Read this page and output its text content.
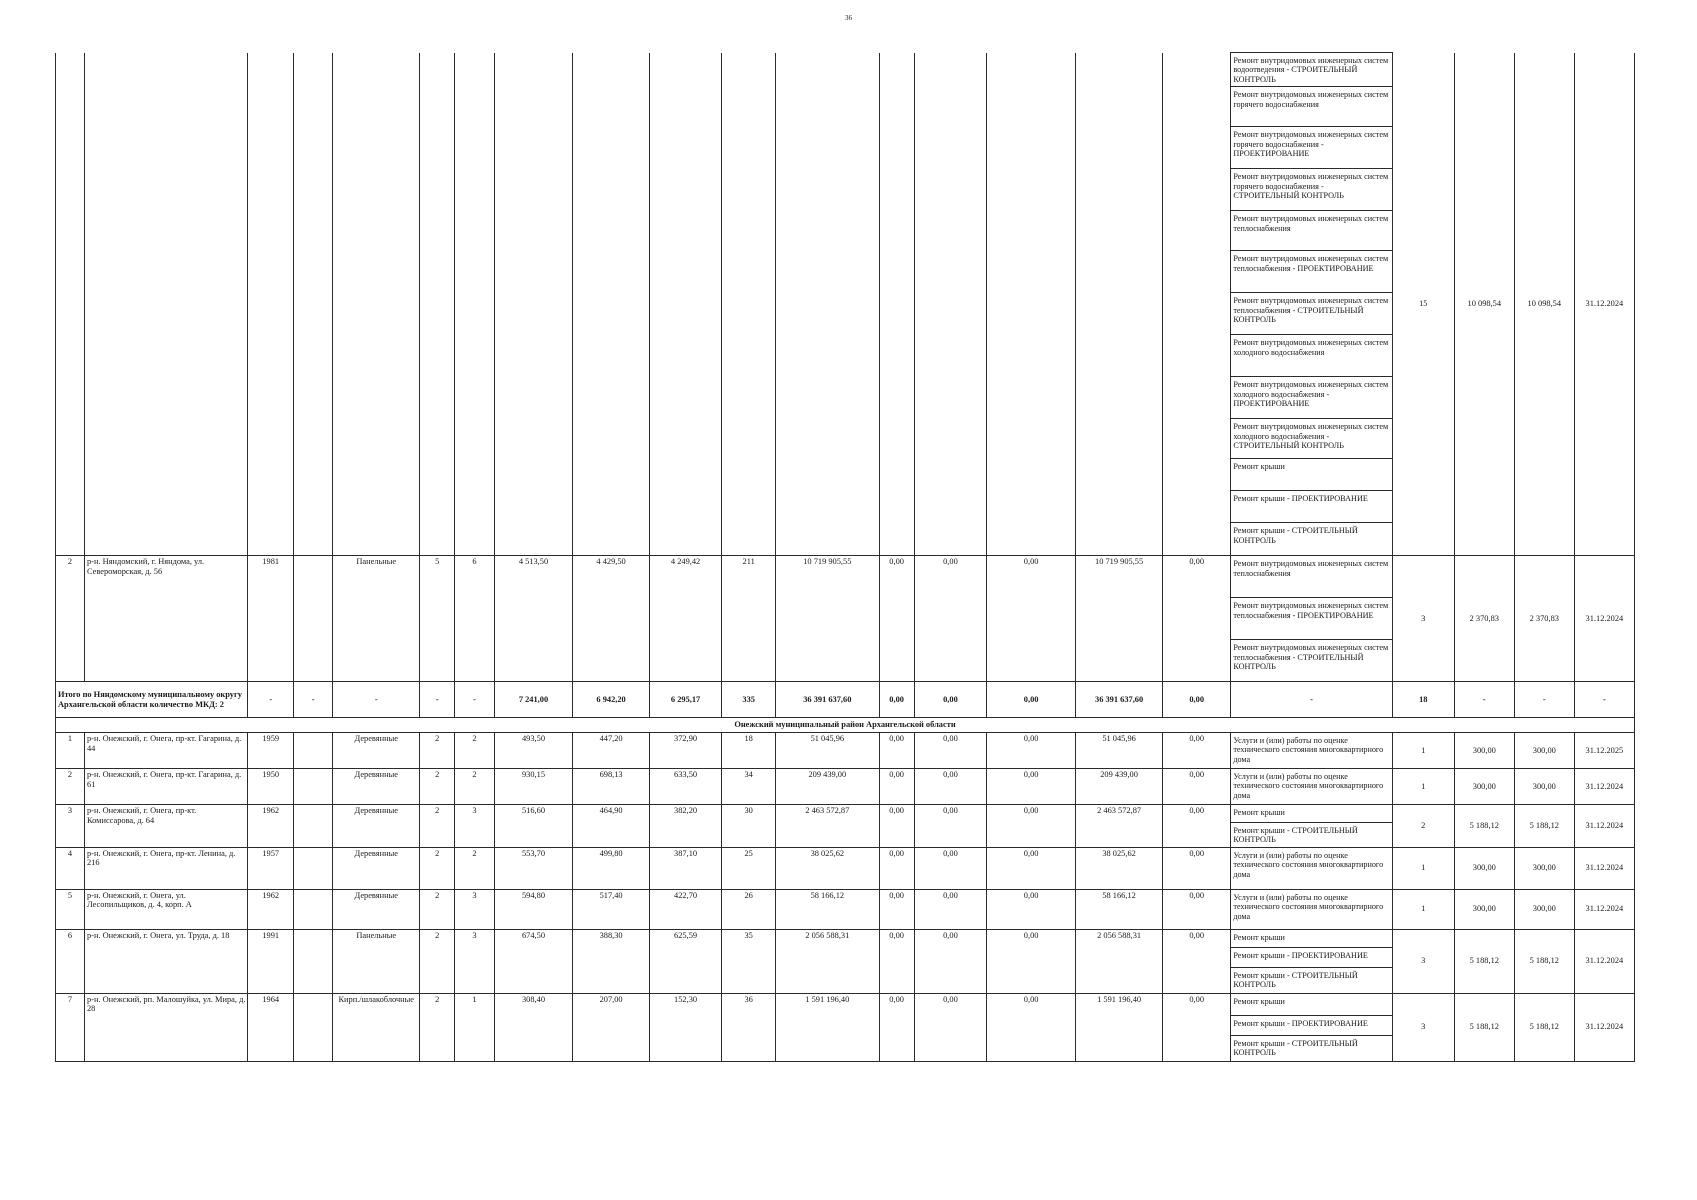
36
																	Ремонт внутридомовых инженерных систем водоотведения - СТРОИТЕЛЬНЫЙ КОНТРОЛЬ	15	10 098,54	10 098,54	31.12.2024
																	Ремонт внутридомовых инженерных систем горячего водоснабжения				
																	Ремонт внутридомовых инженерных систем горячего водоснабжения - ПРОЕКТИРОВАНИЕ				
																	Ремонт внутридомовых инженерных систем горячего водоснабжения - СТРОИТЕЛЬНЫЙ КОНТРОЛЬ				
																	Ремонт внутридомовых инженерных систем теплоснабжения				
																	Ремонт внутридомовых инженерных систем теплоснабжения - ПРОЕКТИРОВАНИЕ				
																	Ремонт внутридомовых инженерных систем теплоснабжения - СТРОИТЕЛЬНЫЙ КОНТРОЛЬ				
																	Ремонт внутридомовых инженерных систем холодного водоснабжения				
																	Ремонт внутридомовых инженерных систем холодного водоснабжения - ПРОЕКТИРОВАНИЕ				
																	Ремонт внутридомовых инженерных систем холодного водоснабжения - СТРОИТЕЛЬНЫЙ КОНТРОЛЬ				
																	Ремонт крыши				
																	Ремонт крыши - ПРОЕКТИРОВАНИЕ				
																	Ремонт крыши - СТРОИТЕЛЬНЫЙ КОНТРОЛЬ				
2	р-н. Няндомский, г. Няндома, ул. Североморская, д. 56	1981		Панельные	5	6	4 513,50	4 429,50	4 249,42	211	10 719 905,55	0,00	0,00	0,00	10 719 905,55	0,00	Ремонт внутридомовых инженерных систем теплоснабжения	3	2 370,83	2 370,83	31.12.2024
																	Ремонт внутридомовых инженерных систем теплоснабжения - ПРОЕКТИРОВАНИЕ				
																	Ремонт внутридомовых инженерных систем теплоснабжения - СТРОИТЕЛЬНЫЙ КОНТРОЛЬ				
Итого по Няндомскому муниципальному округу Архангельской области количество МКД: 2		-	-	-	-	-	7 241,00	6 942,20	6 295,17	335	36 391 637,60	0,00	0,00	0,00	36 391 637,60	0,00	-	18	-	-	-
Онежский муниципальный район Архангельской области																					
1	р-н. Онежский, г. Онега, пр-кт. Гагарина, д. 44	1959		Деревянные	2	2	493,50	447,20	372,90	18	51 045,96	0,00	0,00	0,00	51 045,96	0,00	Услуги и (или) работы по оценке технического состояния многоквартирного дома	1	300,00	300,00	31.12.2025
2	р-н. Онежский, г. Онега, пр-кт. Гагарина, д. 61	1950		Деревянные	2	2	930,15	698,13	633,50	34	209 439,00	0,00	0,00	0,00	209 439,00	0,00	Услуги и (или) работы по оценке технического состояния многоквартирного дома	1	300,00	300,00	31.12.2024
3	р-н. Онежский, г. Онега, пр-кт. Комиссарова, д. 64	1962		Деревянные	2	3	516,60	464,90	382,20	30	2 463 572,87	0,00	0,00	0,00	2 463 572,87	0,00	Ремонт крыши	2	5 188,12	5 188,12	31.12.2024
																	Ремонт крыши - СТРОИТЕЛЬНЫЙ КОНТРОЛЬ				
4	р-н. Онежский, г. Онега, пр-кт. Ленина, д. 216	1957		Деревянные	2	2	553,70	499,80	387,10	25	38 025,62	0,00	0,00	0,00	38 025,62	0,00	Услуги и (или) работы по оценке технического состояния многоквартирного дома	1	300,00	300,00	31.12.2024
5	р-н. Онежский, г. Онега, ул. Лесопильщиков, д. 4, корп. А	1962		Деревянные	2	3	594,80	517,40	422,70	26	58 166,12	0,00	0,00	0,00	58 166,12	0,00	Услуги и (или) работы по оценке технического состояния многоквартирного дома	1	300,00	300,00	31.12.2024
6	р-н. Онежский, г. Онега, ул. Труда, д. 18	1991		Панельные	2	3	674,50	388,30	625,59	35	2 056 588,31	0,00	0,00	0,00	2 056 588,31	0,00	Ремонт крыши	3	5 188,12	5 188,12	31.12.2024
																	Ремонт крыши - ПРОЕКТИРОВАНИЕ				
																	Ремонт крыши - СТРОИТЕЛЬНЫЙ КОНТРОЛЬ				
7	р-н. Онежский, рп. Малошуйка, ул. Мира, д. 28	1964		Кирп./шлакоблочные	2	1	308,40	207,00	152,30	36	1 591 196,40	0,00	0,00	0,00	1 591 196,40	0,00	Ремонт крыши	3	5 188,12	5 188,12	31.12.2024
																	Ремонт крыши - ПРОЕКТИРОВАНИЕ				
																	Ремонт крыши - СТРОИТЕЛЬНЫЙ КОНТРОЛЬ				
